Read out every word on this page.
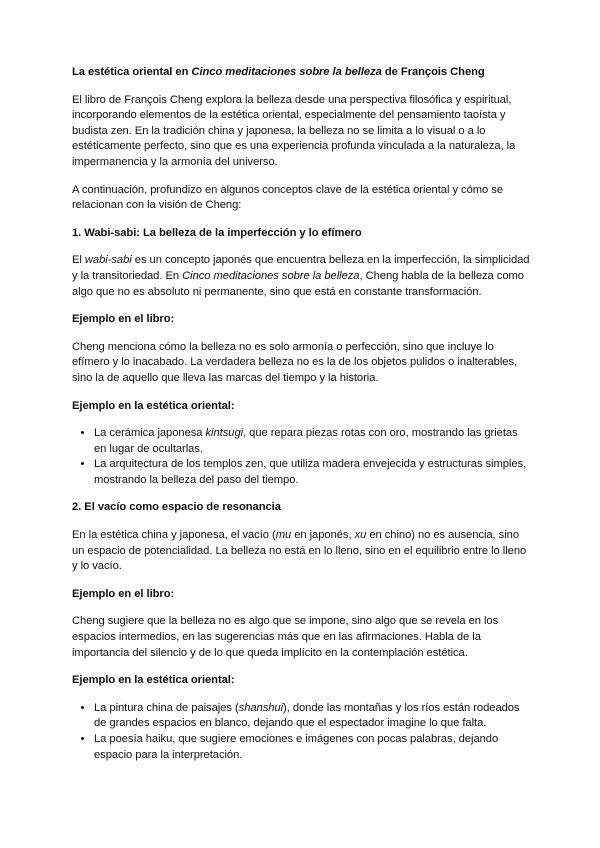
La estética oriental en Cinco meditaciones sobre la belleza de François Cheng

El libro de François Cheng explora la belleza desde una perspectiva filosófica y espiritual, incorporando elementos de la estética oriental, especialmente del pensamiento taoísta y budista zen. En la tradición china y japonesa, la belleza no se limita a lo visual o a lo estéticamente perfecto, sino que es una experiencia profunda vinculada a la naturaleza, la impermanencia y la armonía del universo.

A continuación, profundizo en algunos conceptos clave de la estética oriental y cómo se relacionan con la visión de Cheng:

1. Wabi-sabi: La belleza de la imperfección y lo efímero

El wabi-sabi es un concepto japonés que encuentra belleza en la imperfección, la simplicidad y la transitoriedad. En Cinco meditaciones sobre la belleza, Cheng habla de la belleza como algo que no es absoluto ni permanente, sino que está en constante transformación.

Ejemplo en el libro:

Cheng menciona cómo la belleza no es solo armonía o perfección, sino que incluye lo efímero y lo inacabado. La verdadera belleza no es la de los objetos pulidos o inalterables, sino la de aquello que lleva las marcas del tiempo y la historia.

Ejemplo en la estética oriental:
• La cerámica japonesa kintsugi, que repara piezas rotas con oro, mostrando las grietas en lugar de ocultarlas.
• La arquitectura de los templos zen, que utiliza madera envejecida y estructuras simples, mostrando la belleza del paso del tiempo.
2. El vacío como espacio de resonancia

En la estética china y japonesa, el vacío (mu en japonés, xu en chino) no es ausencia, sino un espacio de potencialidad. La belleza no está en lo lleno, sino en el equilibrio entre lo lleno y lo vacío.

Ejemplo en el libro:

Cheng sugiere que la belleza no es algo que se impone, sino algo que se revela en los espacios intermedios, en las sugerencias más que en las afirmaciones. Habla de la importancia del silencio y de lo que queda implícito en la contemplación estética.

Ejemplo en la estética oriental:
• La pintura china de paisajes (shanshui), donde las montañas y los ríos están rodeados de grandes espacios en blanco, dejando que el espectador imagine lo que falta.
• La poesía haiku, que sugiere emociones e imágenes con pocas palabras, dejando espacio para la interpretación.
